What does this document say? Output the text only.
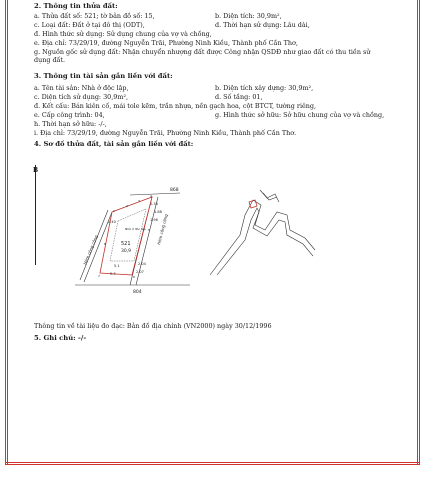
2. Thông tin thửa đất:
a. Thửa đất số: 521; tờ bản đồ số: 15,	b. Diện tích: 30,9m²,
c. Loại đất: Đất ở tại đô thị (ODT),	d. Thời hạn sử dụng: Lâu dài,
đ. Hình thức sử dụng: Sử dụng chung của vợ và chồng,
e. Địa chỉ: 73/29/19, đường Nguyễn Trãi, Phường Ninh Kiều, Thành phố Cần Thơ,
g. Nguồn gốc sử dụng đất: Nhận chuyển nhượng đất được Công nhận QSDĐ như giao đất có thu tiền sử dụng đất.
3. Thông tin tài sản gắn liền với đất:
a. Tên tài sản: Nhà ở độc lập,	b. Diện tích xây dựng: 30,9m²,
c. Diện tích sử dụng: 30,9m²,	d. Số tầng: 01,
đ. Kết cấu: Bán kiên cố, mái tole kẽm, trần nhựa, nền gạch hoa, cột BTCT, tường riêng,
e. Cấp công trình: 04,	g. Hình thức sở hữu: Sở hữu chung của vợ và chồng,
h. Thời hạn sở hữu: -/-,
i. Địa chỉ: 73/29/19, đường Nguyễn Trãi, Phường Ninh Kiều, Thành phố Cần Thơ.
4. Sơ đồ thửa đất, tài sản gắn liền với đất:
B
868
804
521
30,9
Nhà ở độc lập	Hẻm công cộng
Hẻm công cộng
2.34
1.88
1.96
2.40
2.04
2.07
5.1
5.3
1
2
3
4
5
6
7
8
Thông tin về tài liệu đo đạc: Bản đồ địa chính (VN2000) ngày 30/12/1996
5. Ghi chú: -/-
